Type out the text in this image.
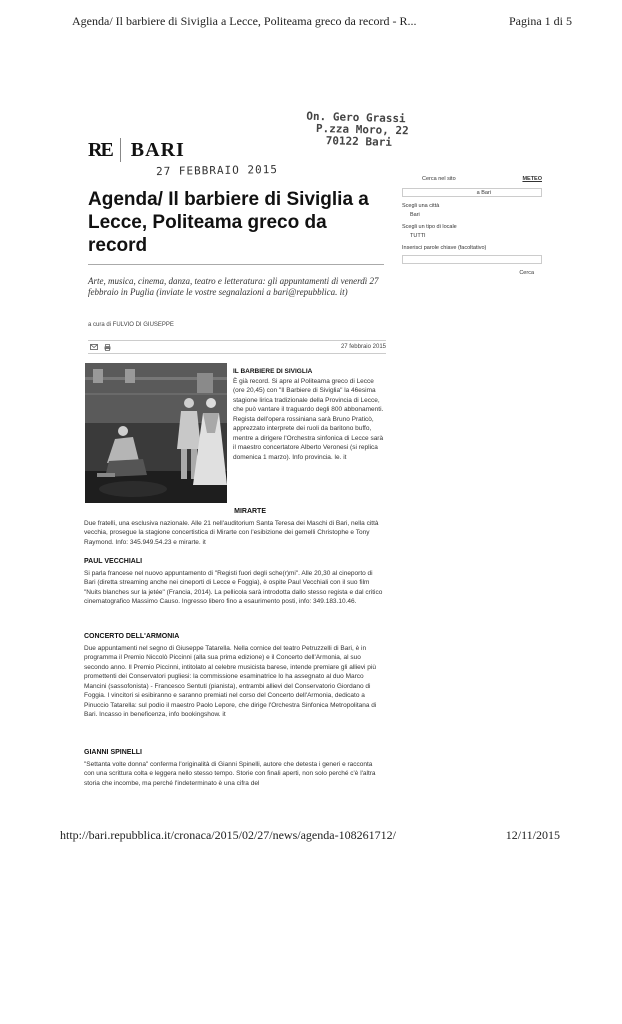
Agenda/ Il barbiere di Siviglia a Lecce, Politeama greco da record - R...	Pagina 1 di 5
On. Gero Grassi
P.zza Moro, 22
70122 Bari
RE BARI
27 FEBBRAIO 2015
Agenda/ Il barbiere di Siviglia a Lecce, Politeama greco da record

Arte, musica, cinema, danza, teatro e letteratura: gli appuntamenti di venerdì 27 febbraio in Puglia (inviate le vostre segnalazioni a bari@repubblica. it)

a cura di FULVIO DI GIUSEPPE
27 febbraio 2015
IL BARBIERE DI SIVIGLIA
È già record. Si apre al Politeama greco di Lecce (ore 20,45) con "Il Barbiere di Siviglia" la 46esima stagione lirica tradizionale della Provincia di Lecce, che può vantare il traguardo degli 800 abbonamenti. Regista dell'opera rossiniana sarà Bruno Praticò, apprezzato interprete dei ruoli da baritono buffo, mentre a dirigere l'Orchestra sinfonica di Lecce sarà il maestro concertatore Alberto Veronesi (si replica domenica 1 marzo). Info provincia. le. it
MIRARTE
Due fratelli, una esclusiva nazionale. Alle 21 nell'auditorium Santa Teresa dei Maschi di Bari, nella città vecchia, prosegue la stagione concertistica di Mirarte con l'esibizione dei gemelli Christophe e Tony Raymond. Info: 345.949.54.23 e mirarte. it
PAUL VECCHIALI
Si parla francese nel nuovo appuntamento di "Registi fuori degli sche(r)mi". Alle 20,30 al cineporto di Bari (diretta streaming anche nei cineporti di Lecce e Foggia), è ospite Paul Vecchiali con il suo film "Nuits blanches sur la jetée" (Francia, 2014). La pellicola sarà introdotta dallo stesso regista e dal critico cinematografico Massimo Causo. Ingresso libero fino a esaurimento posti, info: 349.183.10.46.
CONCERTO DELL'ARMONIA
Due appuntamenti nel segno di Giuseppe Tatarella. Nella cornice del teatro Petruzzelli di Bari, è in programma il Premio Niccolò Piccinni (alla sua prima edizione) e il Concerto dell'Armonia, al suo secondo anno. Il Premio Piccinni, intitolato al celebre musicista barese, intende premiare gli allievi più promettenti dei Conservatori pugliesi: la commissione esaminatrice lo ha assegnato al duo Marco Mancini (sassofonista) - Francesco Sentuti (pianista), entrambi allievi del Conservatorio Giordano di Foggia. I vincitori si esibiranno e saranno premiati nel corso del Concerto dell'Armonia, dedicato a Pinuccio Tatarella: sul podio il maestro Paolo Lepore, che dirige l'Orchestra Sinfonica Metropolitana di Bari. Incasso in beneficenza, info bookingshow. it
GIANNI SPINELLI
"Settanta volte donna" conferma l'originalità di Gianni Spinelli, autore che detesta i generi e racconta con una scrittura colta e leggera nello stesso tempo. Storie con finali aperti, non solo perché c'è l'altra storia che incombe, ma perché l'indeterminato è una cifra del
Cerca nel sito	METEO
a Bari
Scegli una città
Bari
Scegli un tipo di locale
TUTTI
Inserisci parole chiave (facoltativo)
Cerca
http://bari.repubblica.it/cronaca/2015/02/27/news/agenda-108261712/	12/11/2015
